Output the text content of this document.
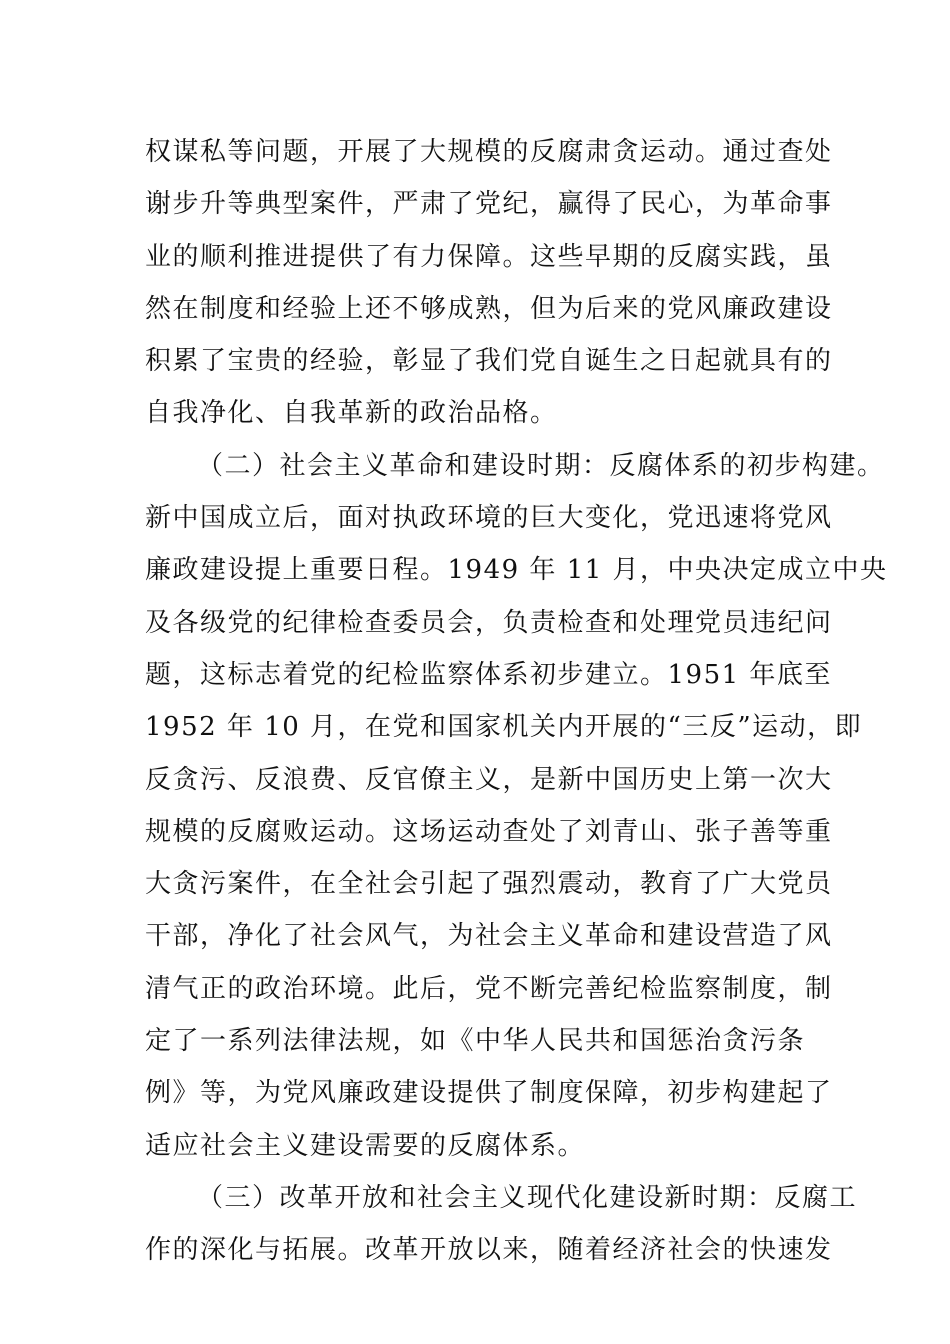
权谋私等问题，开展了大规模的反腐肃贪运动。通过查处
谢步升等典型案件，严肃了党纪，赢得了民心，为革命事
业的顺利推进提供了有力保障。这些早期的反腐实践，虽
然在制度和经验上还不够成熟，但为后来的党风廉政建设
积累了宝贵的经验，彰显了我们党自诞生之日起就具有的
自我净化、自我革新的政治品格。
（二）社会主义革命和建设时期：反腐体系的初步构建。
新中国成立后，面对执政环境的巨大变化，党迅速将党风
廉政建设提上重要日程。1949 年 11 月，中央决定成立中央
及各级党的纪律检查委员会，负责检查和处理党员违纪问
题，这标志着党的纪检监察体系初步建立。1951 年底至
1952 年 10 月，在党和国家机关内开展的“三反”运动，即
反贪污、反浪费、反官僚主义，是新中国历史上第一次大
规模的反腐败运动。这场运动查处了刘青山、张子善等重
大贪污案件，在全社会引起了强烈震动，教育了广大党员
干部，净化了社会风气，为社会主义革命和建设营造了风
清气正的政治环境。此后，党不断完善纪检监察制度，制
定了一系列法律法规，如《中华人民共和国惩治贪污条
例》等，为党风廉政建设提供了制度保障，初步构建起了
适应社会主义建设需要的反腐体系。
（三）改革开放和社会主义现代化建设新时期：反腐工
作的深化与拓展。改革开放以来，随着经济社会的快速发
